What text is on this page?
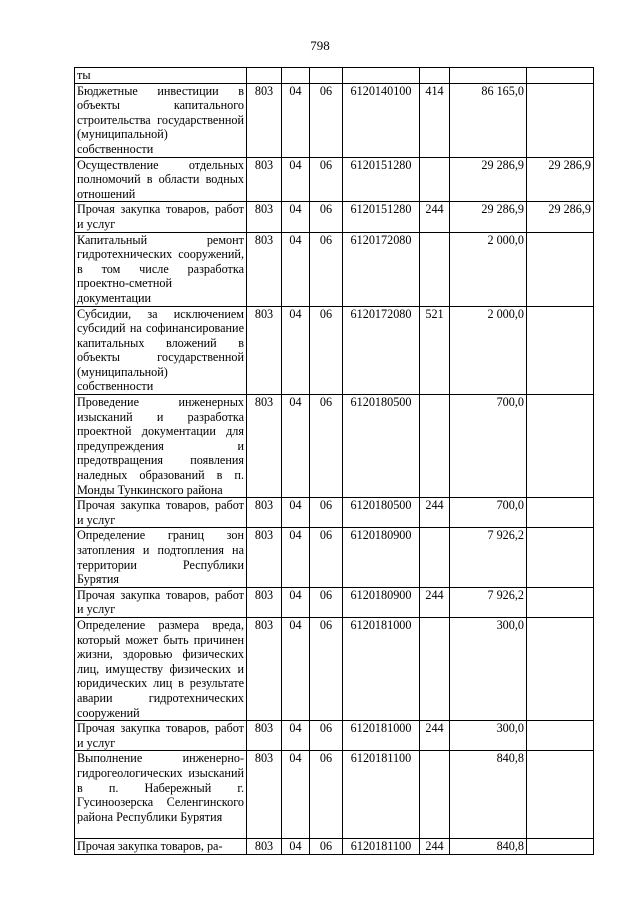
798
ты							
Бюджетные инвестиции в объекты капитального строительства государственной (муниципальной) собственности	803	04	06	6120140100	414	86 165,0	
Осуществление отдельных полномочий в области водных отношений	803	04	06	6120151280		29 286,9	29 286,9
Прочая закупка товаров, работ и услуг	803	04	06	6120151280	244	29 286,9	29 286,9
Капитальный ремонт гидротехнических сооружений, в том числе разработка проектно-сметной документации	803	04	06	6120172080		2 000,0	
Субсидии, за исключением субсидий на софинансирование капитальных вложений в объекты государственной (муниципальной) собственности	803	04	06	6120172080	521	2 000,0	
Проведение инженерных изысканий и разработка проектной документации для предупреждения и предотвращения появления наледных образований в п. Монды Тункинского района	803	04	06	6120180500		700,0	
Прочая закупка товаров, работ и услуг	803	04	06	6120180500	244	700,0	
Определение границ зон затопления и подтопления на территории Республики Бурятия	803	04	06	6120180900		7 926,2	
Прочая закупка товаров, работ и услуг	803	04	06	6120180900	244	7 926,2	
Определение размера вреда, который может быть причинен жизни, здоровью физических лиц, имуществу физических и юридических лиц в результате аварии гидротехнических сооружений	803	04	06	6120181000		300,0	
Прочая закупка товаров, работ и услуг	803	04	06	6120181000	244	300,0	
Выполнение инженерно- гидрогеологических изысканий в п. Набережный г. Гусиноозерска Селенгинского района Республики Бурятия	803	04	06	6120181100		840,8	
Прочая закупка товаров, ра-	803	04	06	6120181100	244	840,8	
